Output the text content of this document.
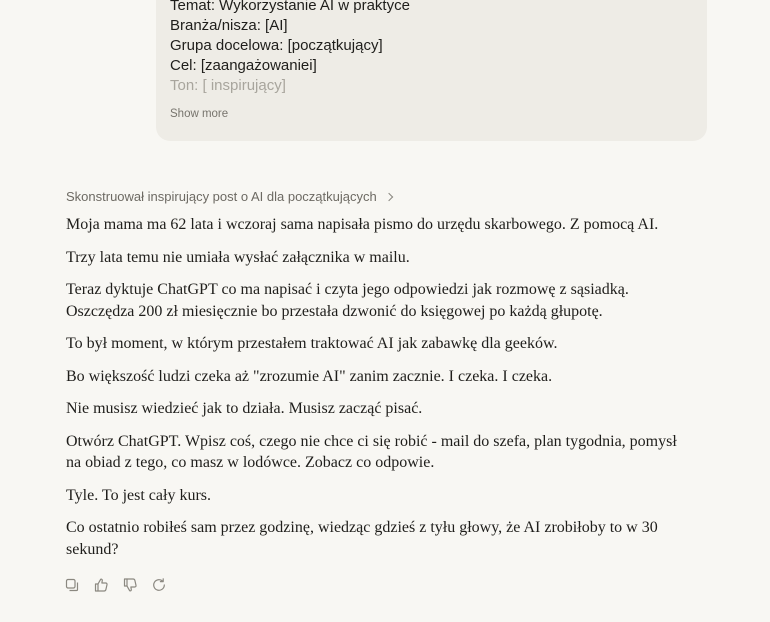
Temat: Wykorzystanie AI w praktyce
Branża/nisza: [AI]
Grupa docelowa: [początkujący]
Cel: [zaangażowaniei]
Ton: [ inspirujący]
Show more
Skonstruował inspirujący post o AI dla początkujących

Moja mama ma 62 lata i wczoraj sama napisała pismo do urzędu skarbowego. Z pomocą AI.

Trzy lata temu nie umiała wysłać załącznika w mailu.

Teraz dyktuje ChatGPT co ma napisać i czyta jego odpowiedzi jak rozmowę z sąsiadką. Oszczędza 200 zł miesięcznie bo przestała dzwonić do księgowej po każdą głupotę.

To był moment, w którym przestałem traktować AI jak zabawkę dla geeków.

Bo większość ludzi czeka aż "zrozumie AI" zanim zacznie. I czeka. I czeka.

Nie musisz wiedzieć jak to działa. Musisz zacząć pisać.

Otwórz ChatGPT. Wpisz coś, czego nie chce ci się robić - mail do szefa, plan tygodnia, pomysł na obiad z tego, co masz w lodówce. Zobacz co odpowie.

Tyle. To jest cały kurs.

Co ostatnio robiłeś sam przez godzinę, wiedząc gdzieś z tyłu głowy, że AI zrobiłoby to w 30 sekund?
